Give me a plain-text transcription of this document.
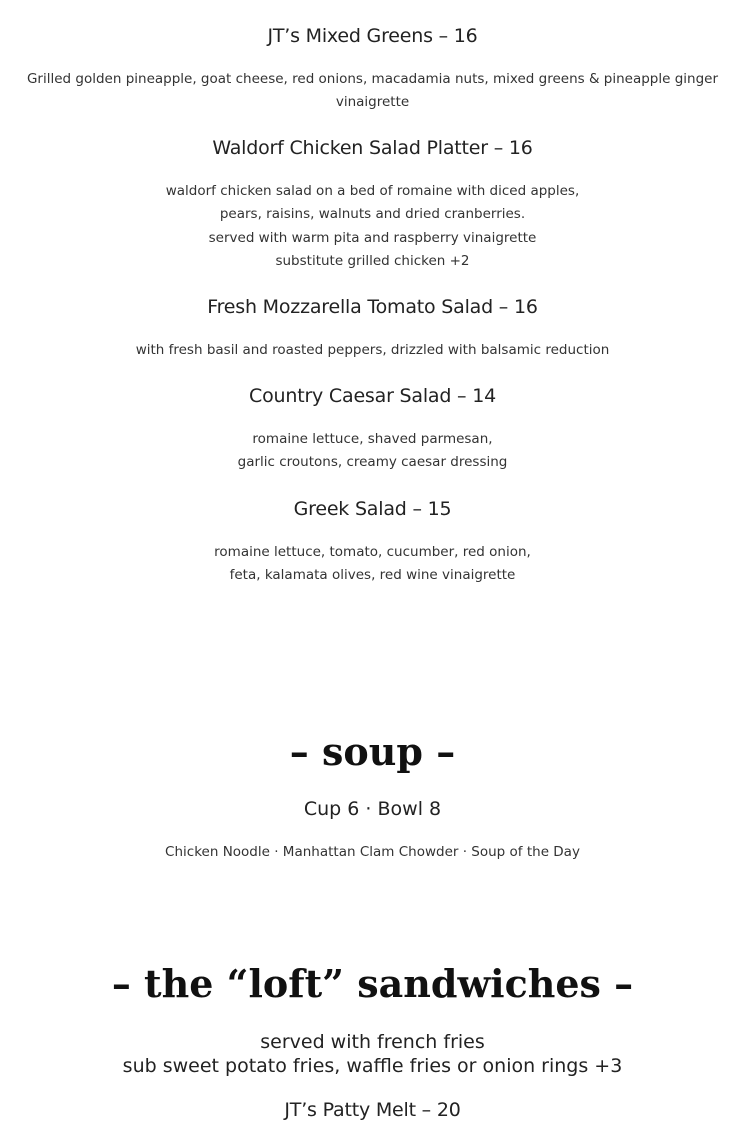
JT’s Mixed Greens – 16
Grilled golden pineapple, goat cheese, red onions, macadamia nuts, mixed greens & pineapple ginger
vinaigrette
Waldorf Chicken Salad Platter – 16
waldorf chicken salad on a bed of romaine with diced apples,
pears, raisins, walnuts and dried cranberries.
served with warm pita and raspberry vinaigrette
substitute grilled chicken +2
Fresh Mozzarella Tomato Salad – 16
with fresh basil and roasted peppers, drizzled with balsamic reduction
Country Caesar Salad – 14
romaine lettuce, shaved parmesan,
garlic croutons, creamy caesar dressing
Greek Salad – 15
romaine lettuce, tomato, cucumber, red onion,
feta, kalamata olives, red wine vinaigrette
– soup –
Cup 6 · Bowl 8
Chicken Noodle · Manhattan Clam Chowder · Soup of the Day
– the “loft” sandwiches –
served with french fries
sub sweet potato fries, waffle fries or onion rings +3
JT’s Patty Melt – 20
